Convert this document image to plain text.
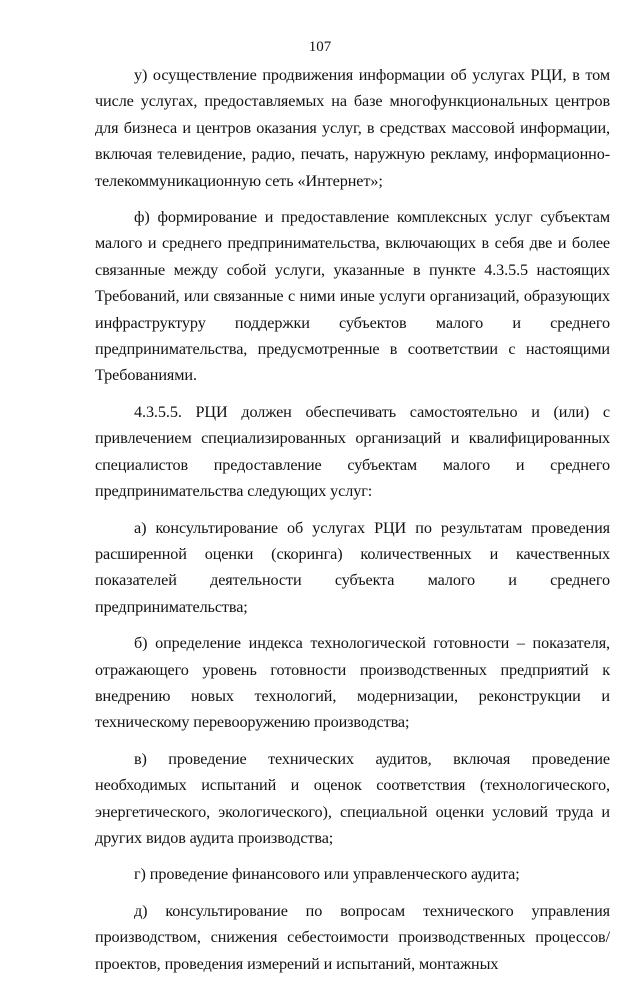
107

у) осуществление продвижения информации об услугах РЦИ, в том числе услугах, предоставляемых на базе многофункциональных центров для бизнеса и центров оказания услуг, в средствах массовой информации, включая телевидение, радио, печать, наружную рекламу, информационно-телекоммуникационную сеть «Интернет»;

ф) формирование и предоставление комплексных услуг субъектам малого и среднего предпринимательства, включающих в себя две и более связанные между собой услуги, указанные в пункте 4.3.5.5 настоящих Требований, или связанные с ними иные услуги организаций, образующих инфраструктуру поддержки субъектов малого и среднего предпринимательства, предусмотренные в соответствии с настоящими Требованиями.

4.3.5.5. РЦИ должен обеспечивать самостоятельно и (или) с привлечением специализированных организаций и квалифицированных специалистов предоставление субъектам малого и среднего предпринимательства следующих услуг:

а) консультирование об услугах РЦИ по результатам проведения расширенной оценки (скоринга) количественных и качественных показателей деятельности субъекта малого и среднего предпринимательства;

б) определение индекса технологической готовности – показателя, отражающего уровень готовности производственных предприятий к внедрению новых технологий, модернизации, реконструкции и техническому перевооружению производства;

в) проведение технических аудитов, включая проведение необходимых испытаний и оценок соответствия (технологического, энергетического, экологического), специальной оценки условий труда и других видов аудита производства;

г) проведение финансового или управленческого аудита;

д) консультирование по вопросам технического управления производством, снижения себестоимости производственных процессов/проектов, проведения измерений и испытаний, монтажных
